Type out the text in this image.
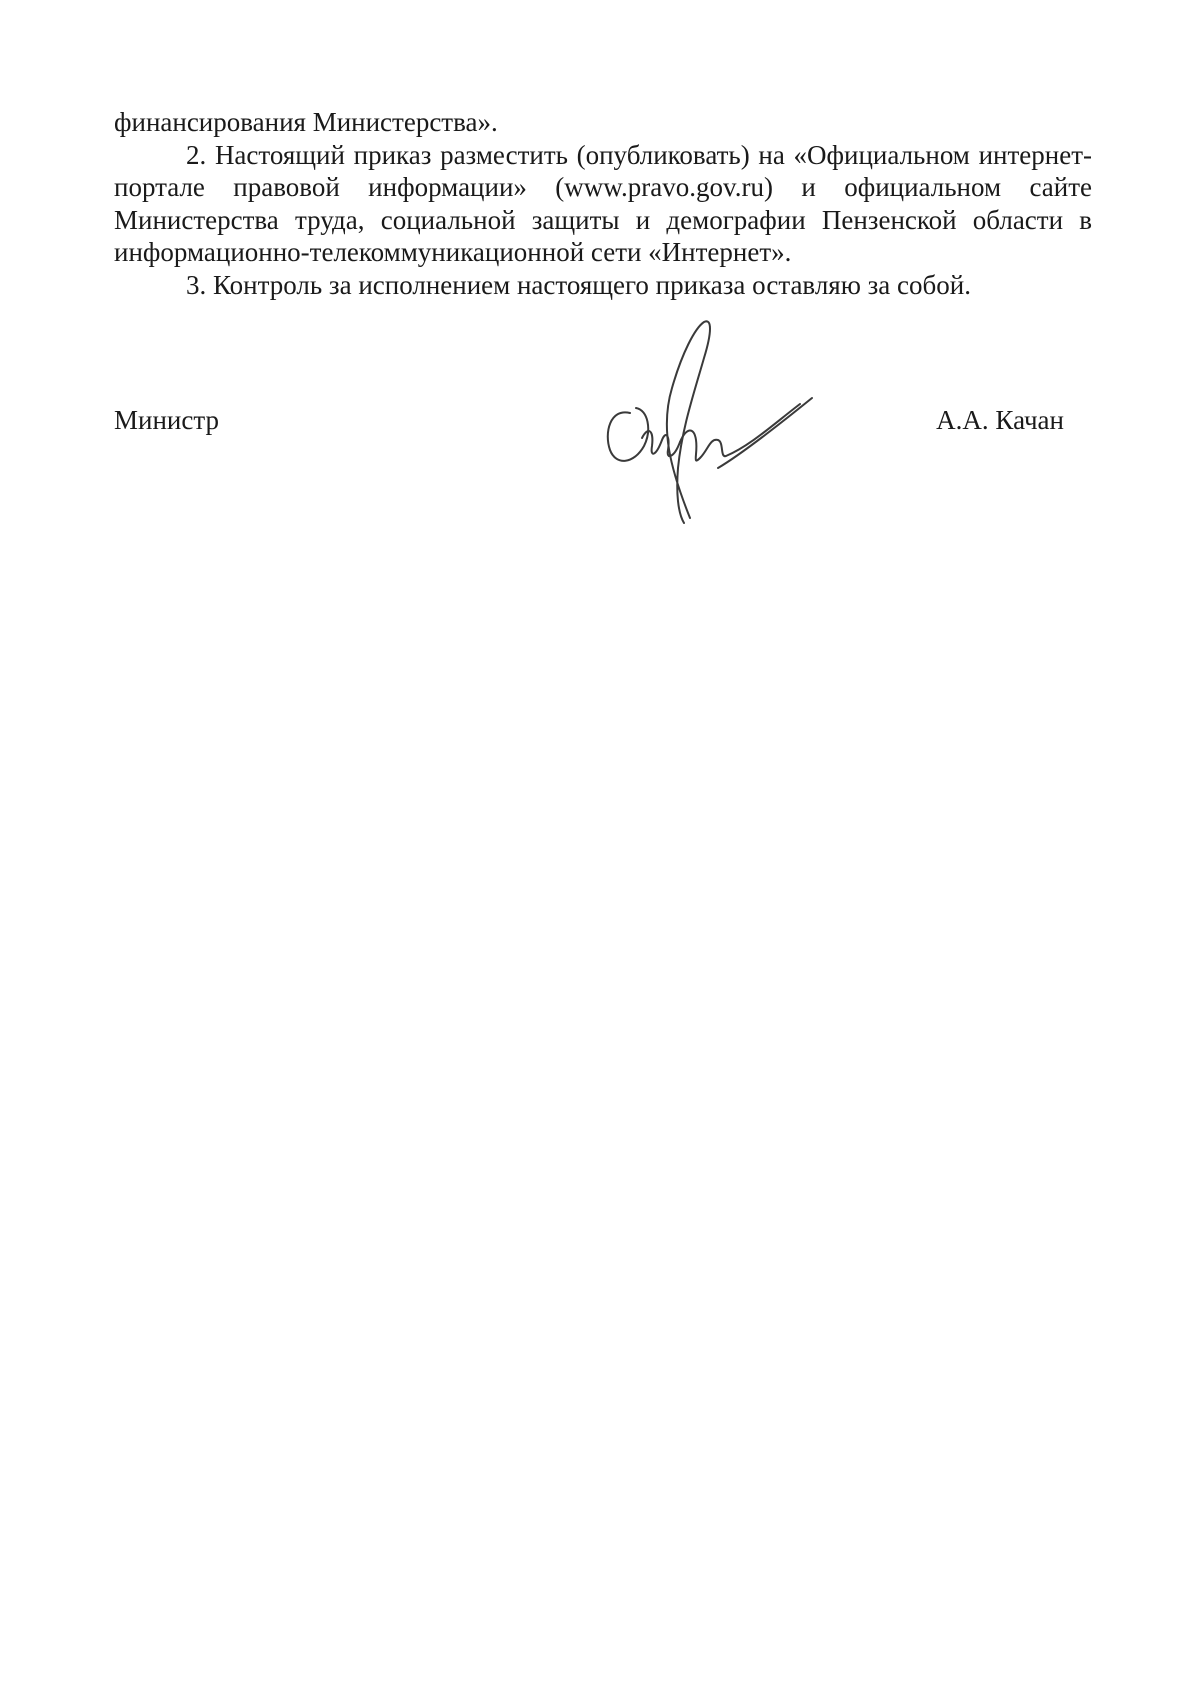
финансирования Министерства».

2. Настоящий приказ разместить (опубликовать) на «Официальном интернет-портале правовой информации» (www.pravo.gov.ru) и официальном сайте Министерства труда, социальной защиты и демографии Пензенской области в информационно-телекоммуникационной сети «Интернет».

3. Контроль за исполнением настоящего приказа оставляю за собой.

Министр	А.А. Качан
